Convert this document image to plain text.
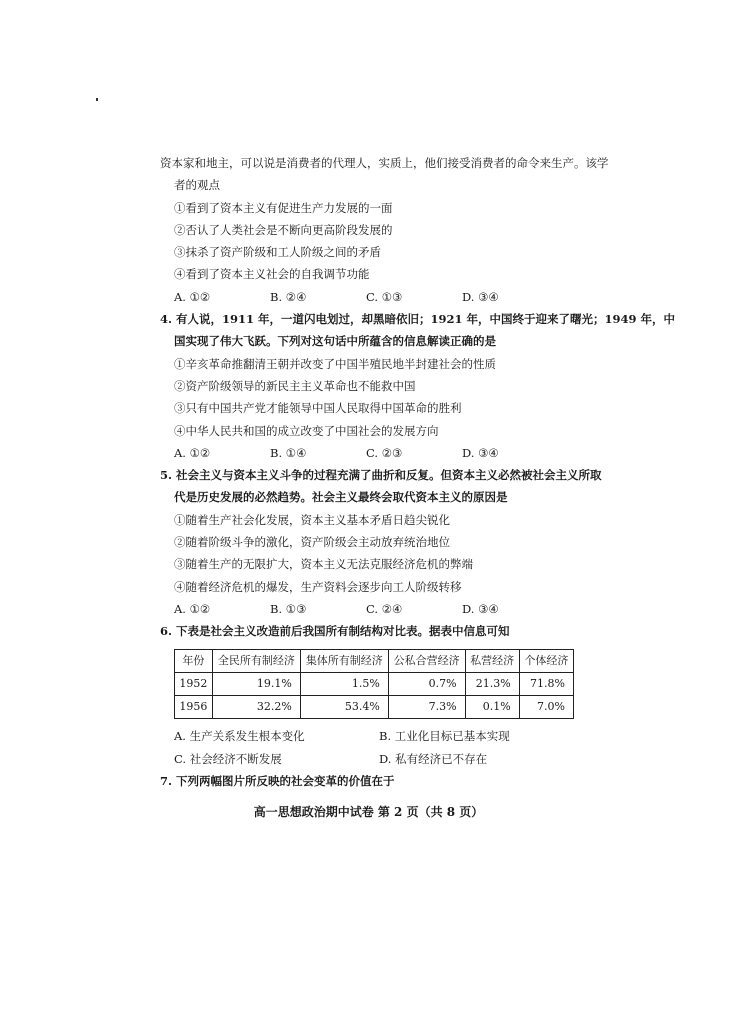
资本家和地主，可以说是消费者的代理人，实质上，他们接受消费者的命令来生产。该学
者的观点
①看到了资本主义有促进生产力发展的一面
②否认了人类社会是不断向更高阶段发展的
③抹杀了资产阶级和工人阶级之间的矛盾
④看到了资本主义社会的自我调节功能
A. ①②	B. ②④	C. ①③	D. ③④
4. 有人说，1911 年，一道闪电划过，却黑暗依旧；1921 年，中国终于迎来了曙光；1949 年，中
国实现了伟大飞跃。下列对这句话中所蕴含的信息解读正确的是
①辛亥革命推翻清王朝并改变了中国半殖民地半封建社会的性质
②资产阶级领导的新民主主义革命也不能救中国
③只有中国共产党才能领导中国人民取得中国革命的胜利
④中华人民共和国的成立改变了中国社会的发展方向
A. ①②	B. ①④	C. ②③	D. ③④
5. 社会主义与资本主义斗争的过程充满了曲折和反复。但资本主义必然被社会主义所取
代是历史发展的必然趋势。社会主义最终会取代资本主义的原因是
①随着生产社会化发展，资本主义基本矛盾日趋尖锐化
②随着阶级斗争的激化，资产阶级会主动放弃统治地位
③随着生产的无限扩大，资本主义无法克服经济危机的弊端
④随着经济危机的爆发，生产资料会逐步向工人阶级转移
A. ①②	B. ①③	C. ②④	D. ③④
6. 下表是社会主义改造前后我国所有制结构对比表。据表中信息可知
年份	全民所有制经济	集体所有制经济	公私合营经济	私营经济	个体经济
1952	19.1%	1.5%	0.7%	21.3%	71.8%
1956	32.2%	53.4%	7.3%	0.1%	7.0%
A. 生产关系发生根本变化	B. 工业化目标已基本实现
C. 社会经济不断发展	D. 私有经济已不存在
7. 下列两幅图片所反映的社会变革的价值在于
高一思想政治期中试卷 第 2 页（共 8 页）
